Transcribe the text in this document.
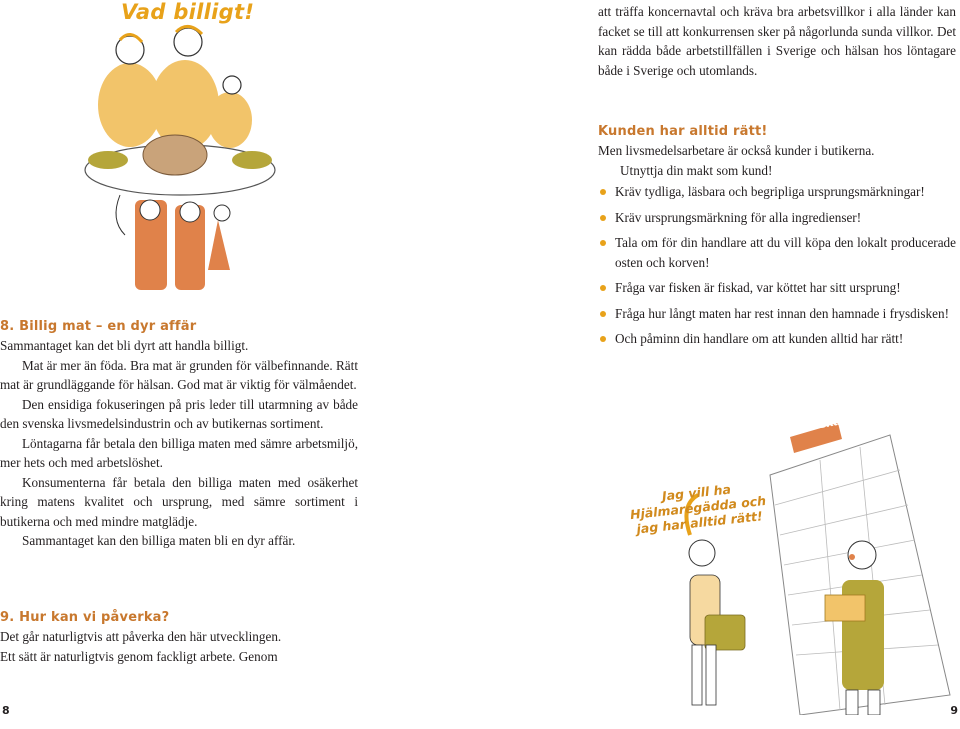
Vad billigt!
8. Billig mat – en dyr affär

Sammantaget kan det bli dyrt att handla billigt.

Mat är mer än föda. Bra mat är grunden för välbefinnande. Rätt mat är grundläggande för hälsan. God mat är viktig för välmåendet.

Den ensidiga fokuseringen på pris leder till utarmning av både den svenska livsmedelsindustrin och av butikernas sortiment.

Löntagarna får betala den billiga maten med sämre arbetsmiljö, mer hets och med arbetslöshet.

Konsumenterna får betala den billiga maten med osäkerhet kring matens kvalitet och ursprung, med sämre sortiment i butikerna och med mindre matglädje.

Sammantaget kan den billiga maten bli en dyr affär.

9. Hur kan vi påverka?

Det går naturligtvis att påverka den här utvecklingen.

Ett sätt är naturligtvis genom fackligt arbete. Genom

8

att träffa koncernavtal och kräva bra arbetsvillkor i alla länder kan facket se till att konkurrensen sker på någorlunda sunda villkor. Det kan rädda både arbetstillfällen i Sverige och hälsan hos löntagare både i Sverige och utomlands.

Kunden har alltid rätt!

Men livsmedelsarbetare är också kunder i butikerna.

Utnyttja din makt som kund!

Kräv tydliga, läsbara och begripliga ursprungsmärkningar!
Kräv ursprungsmärkning för alla ingredienser!
Tala om för din handlare att du vill köpa den lokalt producerade osten och korven!
Fråga var fisken är fiskad, var köttet har sitt ursprung!
Fråga hur långt maten har rest innan den hamnade i frysdisken!
Och påminn din handlare om att kunden alltid har rätt!
Alaska
Jag vill ha Hjälmaregädda och jag har alltid rätt!
9
